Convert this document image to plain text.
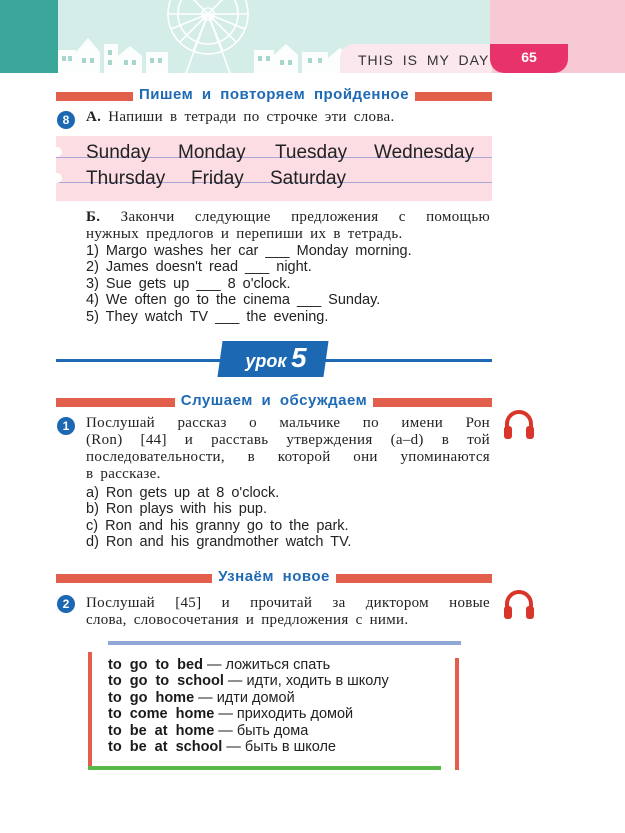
THIS IS MY DAY	65
Пишем и повторяем пройденное
8	А. Напиши в тетради по строчке эти слова.
Sunday Monday Tuesday Wednesday
Thursday Friday Saturday
Б. Закончи следующие предложения с помощью
нужных предлогов и перепиши их в тетрадь.
1) Margo washes her car ___ Monday morning.
2) James doesn't read ___ night.
3) Sue gets up ___ 8 o'clock.
4) We often go to the cinema ___ Sunday.
5) They watch TV ___ the evening.
урок 5
Слушаем и обсуждаем
1	Послушай рассказ о мальчике по имени Рон
(Ron) [44] и расставь утверждения (a–d) в той
последовательности, в которой они упоминаются
в рассказе.
a) Ron gets up at 8 o'clock.
b) Ron plays with his pup.
c) Ron and his granny go to the park.
d) Ron and his grandmother watch TV.
Узнаём новое
2	Послушай [45] и прочитай за диктором новые
слова, словосочетания и предложения с ними.
to go to bed — ложиться спать
to go to school — идти, ходить в школу
to go home — идти домой
to come home — приходить домой
to be at home — быть дома
to be at school — быть в школе
